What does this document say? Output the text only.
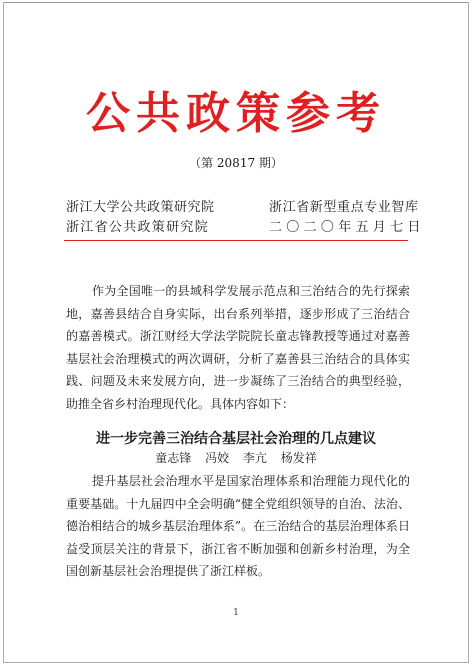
公共政策参考
（第 20817 期）
浙江大学公共政策研究院
浙江省公共政策研究院
浙江省新型重点专业智库
二〇二〇年五月七日

作为全国唯一的县域科学发展示范点和三治结合的先行探索地，嘉善县结合自身实际，出台系列举措，逐步形成了三治结合的嘉善模式。浙江财经大学法学院院长童志锋教授等通过对嘉善基层社会治理模式的两次调研，分析了嘉善县三治结合的具体实践、问题及未来发展方向，进一步凝练了三治结合的典型经验，助推全省乡村治理现代化。具体内容如下：

进一步完善三治结合基层社会治理的几点建议
童志锋 冯姣 李亢 杨发祥

提升基层社会治理水平是国家治理体系和治理能力现代化的重要基础。十九届四中全会明确“健全党组织领导的自治、法治、德治相结合的城乡基层治理体系”。在三治结合的基层治理体系日益受顶层关注的背景下，浙江省不断加强和创新乡村治理，为全国创新基层社会治理提供了浙江样板。

1
